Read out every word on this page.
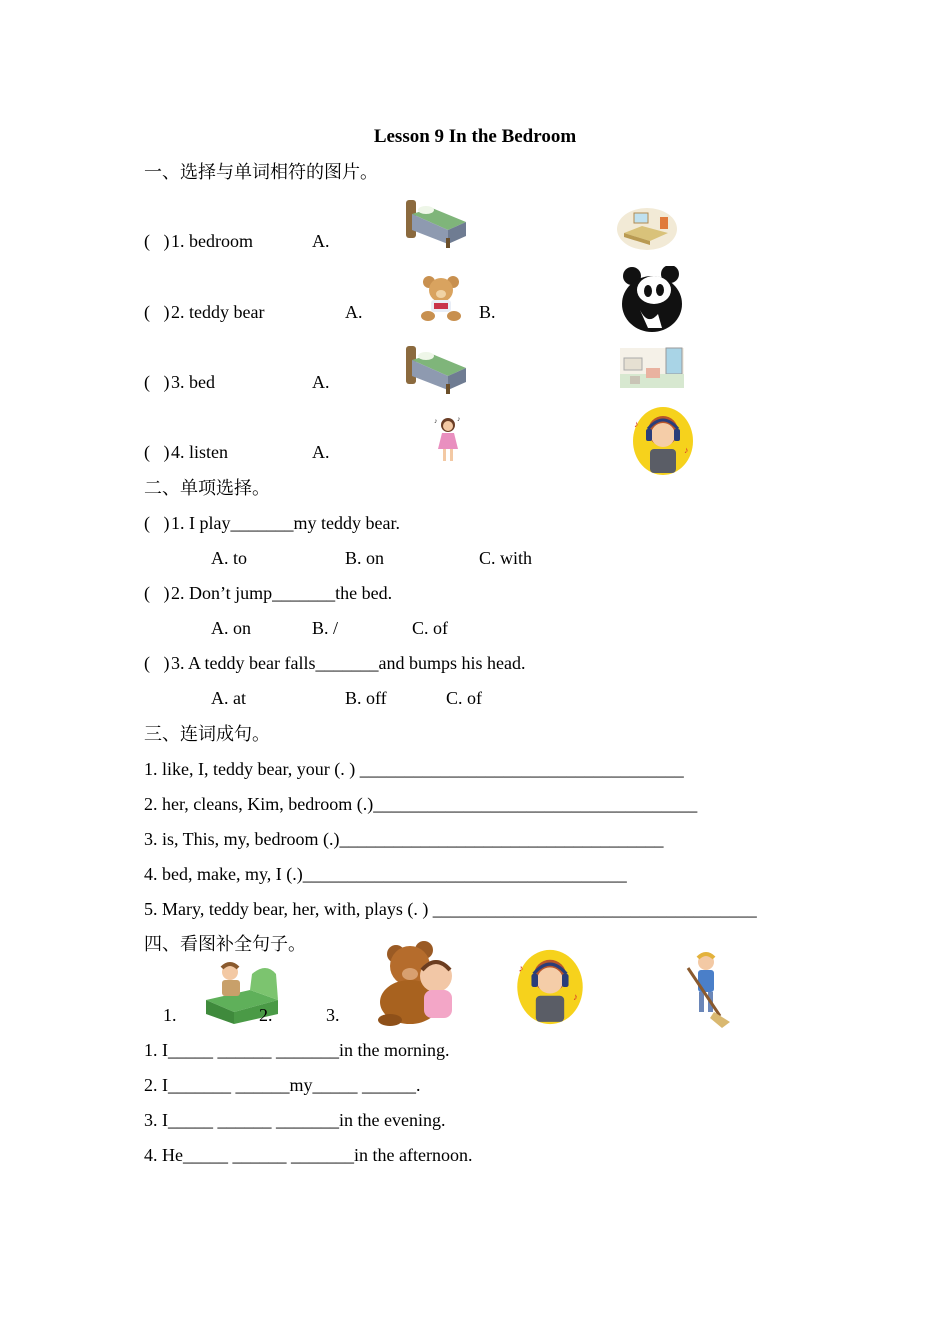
Lesson 9 In the Bedroom
一、选择与单词相符的图片。
(   ) 1. bedroom	A.
(   ) 2. teddy bear	A.	B.
(   ) 3. bed	A.
(   ) 4. listen	A.
♪	♪	♪
♪
二、单项选择。
(   ) 1. I play_______my teddy bear.
A. to	B. on	C. with
(   ) 2. Don’t jump_______the bed.
A. on	B. /	C. of
(   ) 3. A teddy bear falls_______and bumps his head.
A. at	B. off	C. of
三、连词成句。
1. like, I, teddy bear, your (. ) ____________________________________
2. her, cleans, Kim, bedroom (.)____________________________________
3. is, This, my, bedroom (.)____________________________________
4. bed, make, my, I (.)____________________________________
5. Mary, teddy bear, her, with, plays (. ) ____________________________________
四、看图补全句子。
1.	2.	3.
♪
♪
1. I_____ ______ _______in the morning.
2. I_______ ______my_____ ______.
3. I_____ ______ _______in the evening.
4. He_____ ______ _______in the afternoon.
